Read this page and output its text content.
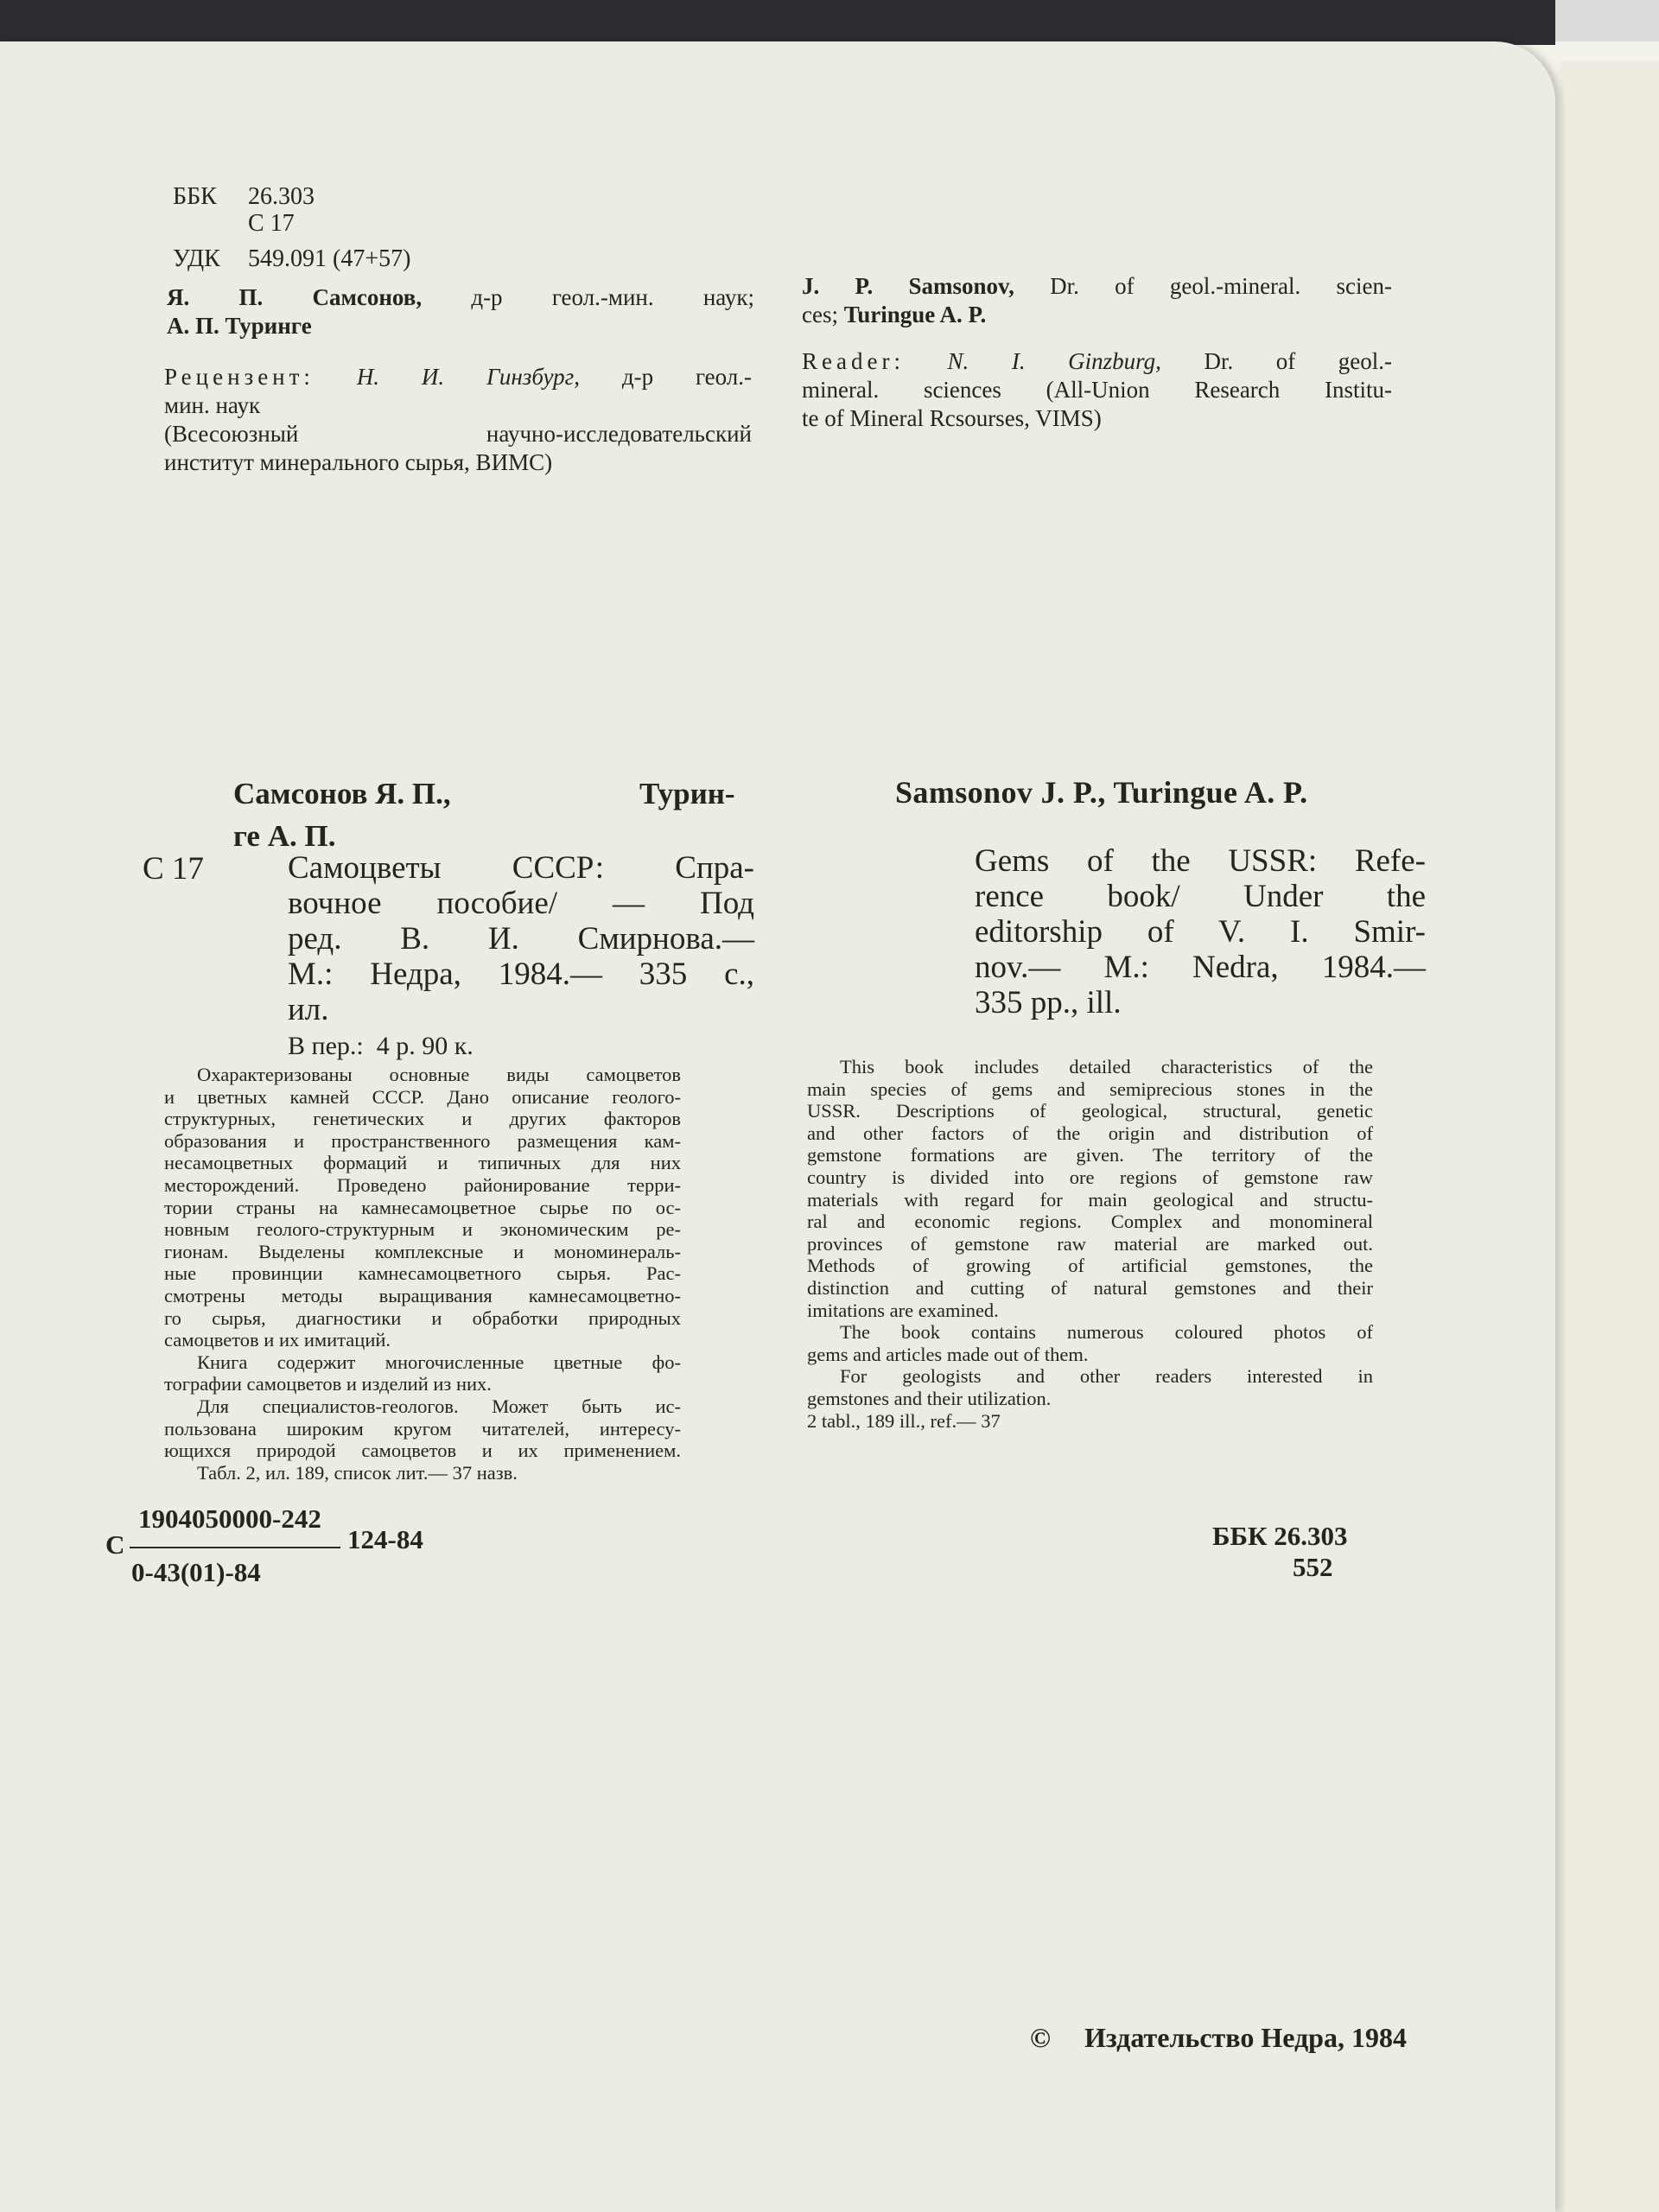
ББК 26.303
С 17
УДК 549.091 (47+57)
Я. П. Самсонов, д-р геол.-мин. наук;
А. П. Туринге
Рецензент: Н. И. Гинзбург, д-р геол.-
мин. наук
(Всесоюзный научно-исследовательский
институт минерального сырья, ВИМС)
J. P. Samsonov, Dr. of geol.-mineral. scien-
ces; Turingue A. P.
Reader: N. I. Ginzburg, Dr. of geol.-
mineral. sciences (All-Union Research Institu-
te of Mineral Rcsourses, VIMS)
Самсонов Я. П.,	Турин-
ге А. П.
С 17	Самоцветы СССР: Спра-
вочное пособие/ — Под
ред. В. И. Смирнова.—
М.: Недра, 1984.— 335 с.,
ил.
В пер.:  4 р. 90 к.
Охарактеризованы основные виды самоцветов
и цветных камней СССР. Дано описание геолого-
структурных, генетических и других факторов
образования и пространственного размещения кам-
несамоцветных формаций и типичных для них
месторождений. Проведено районирование терри-
тории страны на камнесамоцветное сырье по ос-
новным геолого-структурным и экономическим ре-
гионам. Выделены комплексные и мономинераль-
ные провинции камнесамоцветного сырья. Рас-
смотрены методы выращивания камнесамоцветно-
го сырья, диагностики и обработки природных
самоцветов и их имитаций.
Книга содержит многочисленные цветные фо-
тографии самоцветов и изделий из них.
Для специалистов-геологов. Может быть ис-
пользована широким кругом читателей, интересу-
ющихся природой самоцветов и их применением.
Табл. 2, ил. 189, список лит.— 37 назв.
С
1904050000-242
124-84
0-43(01)-84
Samsonov J. P., Turingue A. P.
Gems of the USSR: Refe-
rence book/ Under the
editorship of V. I. Smir-
nov.— M.: Nedra, 1984.—
335 pp., ill.
This book includes detailed characteristics of the
main species of gems and semiprecious stones in the
USSR. Descriptions of geological, structural, genetic
and other factors of the origin and distribution of
gemstone formations are given. The territory of the
country is divided into ore regions of gemstone raw
materials with regard for main geological and structu-
ral and economic regions. Complex and monomineral
provinces of gemstone raw material are marked out.
Methods of growing of artificial gemstones, the
distinction and cutting of natural gemstones and their
imitations are examined.
The book contains numerous coloured photos of
gems and articles made out of them.
For geologists and other readers interested in
gemstones and their utilization.
2 tabl., 189 ill., ref.— 37
ББК 26.303
552
© Издательство Недра, 1984
